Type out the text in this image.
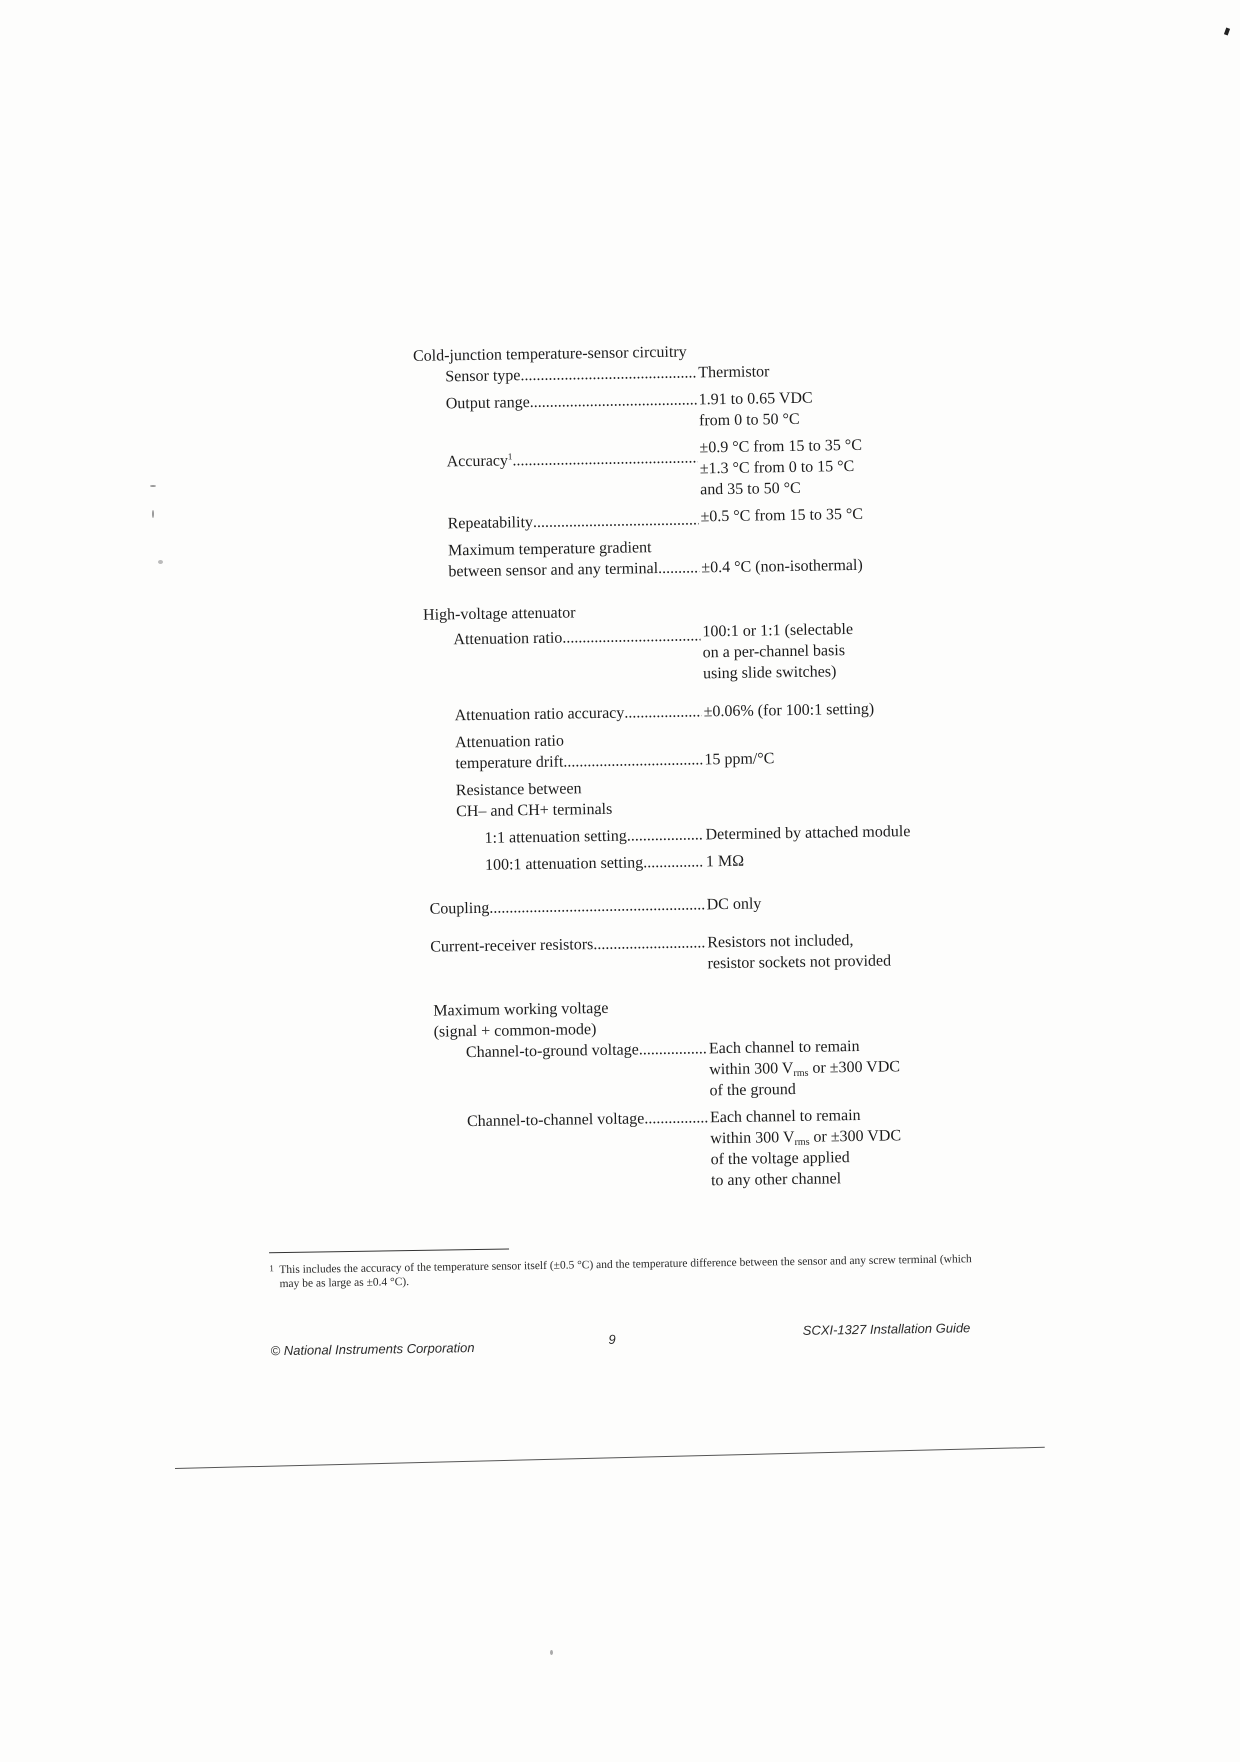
Cold-junction temperature-sensor circuitry
Sensor type .....	Thermistor
Output range .....	1.91 to 0.65 VDC
from 0 to 50 °C
Accuracy$^1$ .....	±0.9 °C from 15 to 35 °C
±1.3 °C from 0 to 15 °C
and 35 to 50 °C
Repeatability .....	±0.5 °C from 15 to 35 °C
Maximum temperature gradient
between sensor and any terminal .....	±0.4 °C (non-isothermal)
High-voltage attenuator
Attenuation ratio .....	100:1 or 1:1 (selectable
on a per-channel basis
using slide switches)
Attenuation ratio accuracy .....	±0.06% (for 100:1 setting)
Attenuation ratio
temperature drift .....	15 ppm/°C
Resistance between
CH– and CH+ terminals
1:1 attenuation setting .....	Determined by attached module
100:1 attenuation setting .....	1 MΩ
Coupling .....	DC only
Current-receiver resistors .....	Resistors not included,
resistor sockets not provided
Maximum working voltage
(signal + common-mode)
Channel-to-ground voltage .....	Each channel to remain
within 300 $V_{rms}$ or ±300 VDC
of the ground
Channel-to-channel voltage .....	Each channel to remain
within 300 $V_{rms}$ or ±300 VDC
of the voltage applied
to any other channel
1 This includes the accuracy of the temperature sensor itself (±0.5 °C) and the temperature difference between the sensor and any screw terminal (which may be as large as ±0.4 °C).
© National Instruments Corporation
9
SCXI-1327 Installation Guide
